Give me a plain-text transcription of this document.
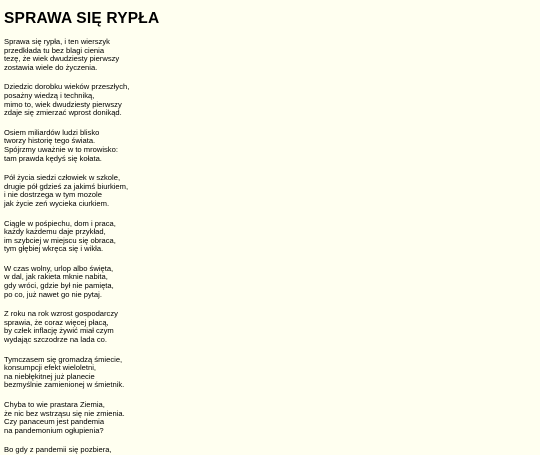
SPRAWA SIĘ RYPŁA
Sprawa się rypła, i ten wierszyk
przedkłada tu bez blagi cienia
tezę, że wiek dwudziesty pierwszy
zostawia wiele do życzenia.
Dziedzic dorobku wieków przeszłych,
posażny wiedzą i techniką,
mimo to, wiek dwudziesty pierwszy
zdaje się zmierzać wprost donikąd.
Osiem miliardów ludzi blisko
tworzy historię tego świata.
Spójrzmy uważnie w to mrowisko:
tam prawda kędyś się kołata.
Pół życia siedzi człowiek w szkole,
drugie pół gdzieś za jakimś biurkiem,
i nie dostrzega w tym mozole
jak życie zeń wycieka ciurkiem.
Ciągle w pośpiechu, dom i praca,
każdy każdemu daje przykład,
im szybciej w miejscu się obraca,
tym głębiej wkręca się i wikła.
W czas wolny, urlop albo święta,
w dal, jak rakieta mknie nabita,
gdy wróci, gdzie był nie pamięta,
po co, już nawet go nie pytaj.
Z roku na rok wzrost gospodarczy
sprawia, że coraz więcej płacą,
by człek inflację żywić miał czym
wydając szczodrze na lada co.
Tymczasem się gromadzą śmiecie,
konsumpcji efekt wieloletni,
na niebłękitnej już planecie
bezmyślnie zamienionej w śmietnik.
Chyba to wie prastara Ziemia,
że nic bez wstrząsu się nie zmienia.
Czy panaceum jest pandemia
na pandemonium ogłupienia?
Bo gdy z pandemii się pozbiera,
